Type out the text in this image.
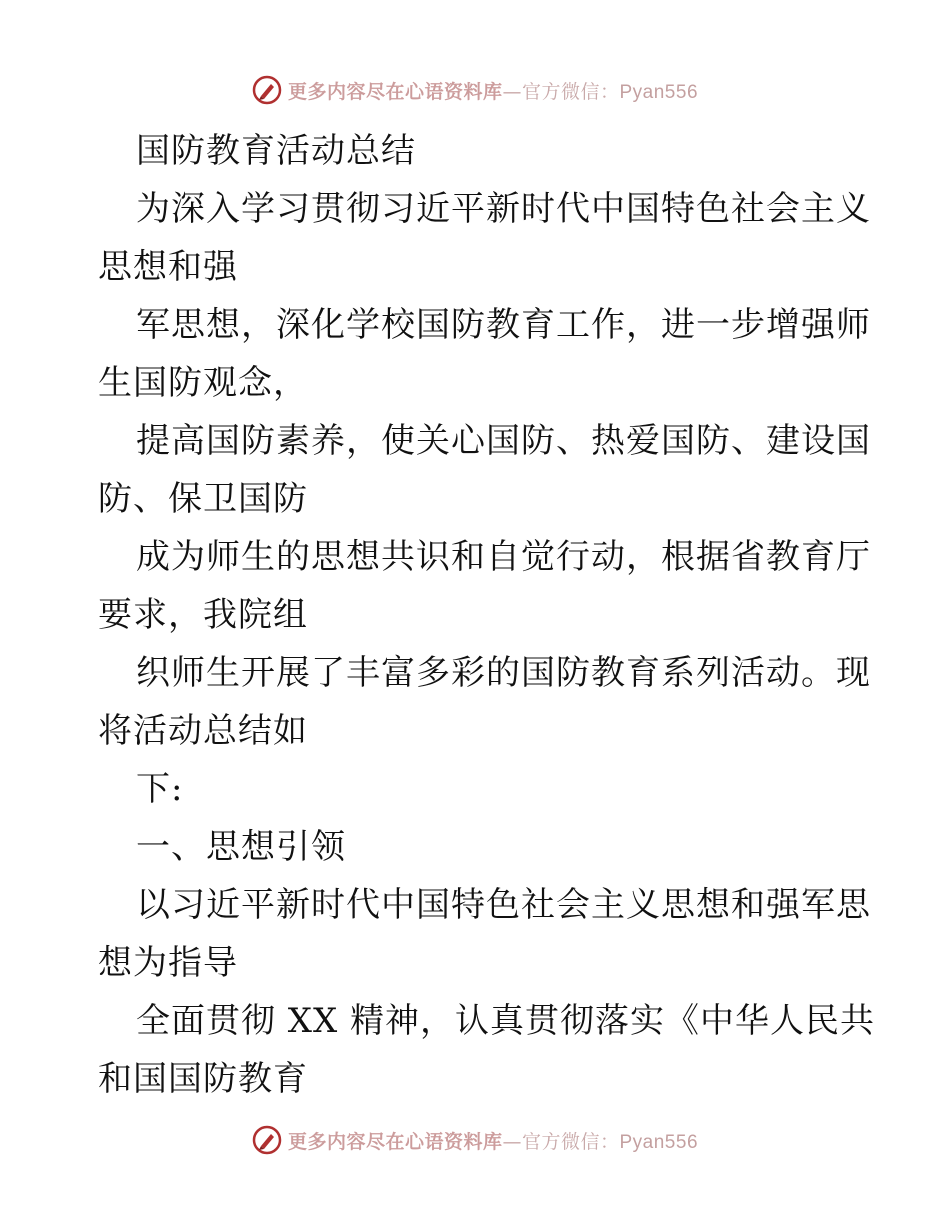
更多内容尽在心语资料库—官方微信：Pyan556
国防教育活动总结
为深入学习贯彻习近平新时代中国特色社会主义
思想和强
军思想，深化学校国防教育工作，进一步增强师
生国防观念，
提高国防素养，使关心国防、热爱国防、建设国
防、保卫国防
成为师生的思想共识和自觉行动，根据省教育厅
要求，我院组
织师生开展了丰富多彩的国防教育系列活动。现
将活动总结如
下:
一、思想引领
以习近平新时代中国特色社会主义思想和强军思
想为指导
全面贯彻 XX 精神，认真贯彻落实《中华人民共
和国国防教育
更多内容尽在心语资料库—官方微信：Pyan556
